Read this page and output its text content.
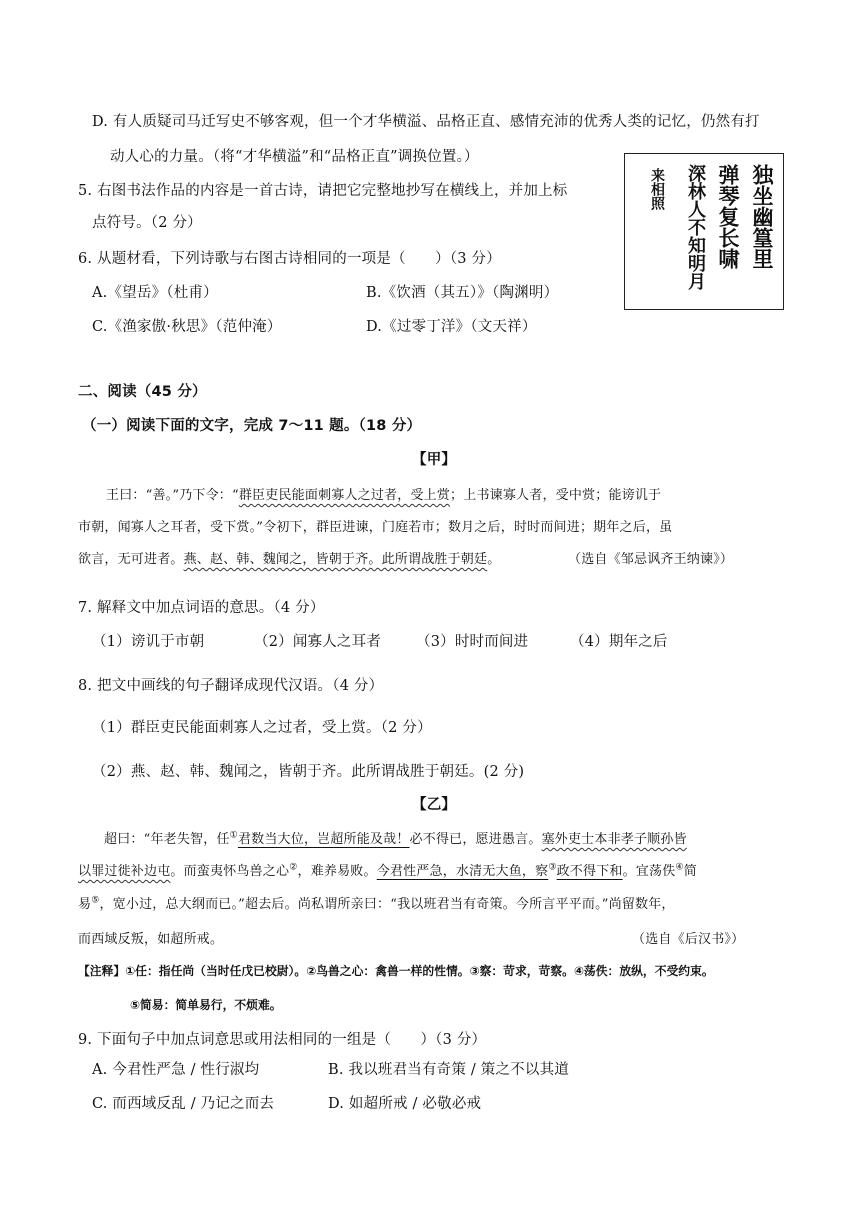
D. 有人质疑司马迁写史不够客观，但一个才华横溢、品格正直、感情充沛的优秀人类的记忆，仍然有打
动人心的力量。（将“才华横溢”和“品格正直”调换位置。）
5. 右图书法作品的内容是一首古诗，请把它完整地抄写在横线上，并加上标
点符号。（2 分）	独坐幽篁里
弹琴复长啸
深林人不知明月
来相照
6. 从题材看，下列诗歌与右图古诗相同的一项是（　　）（3 分）
A.《望岳》（杜甫）	B.《饮酒（其五）》（陶渊明）
C.《渔家傲·秋思》（范仲淹）	D.《过零丁洋》（文天祥）
二、阅读（45 分）
（一）阅读下面的文字，完成 7～11 题。（18 分）
【甲】
王曰：“善。”乃下令：“群臣吏民能面刺寡人之过者，受上赏；上书谏寡人者，受中赏；能谤讥于
市朝，闻寡人之耳者，受下赏。”令初下，群臣进谏，门庭若市；数月之后，时时而间进；期年之后，虽
欲言，无可进者。燕、赵、韩、魏闻之，皆朝于齐。此所谓战胜于朝廷。	（选自《邹忌讽齐王纳谏》）
7. 解释文中加点词语的意思。（4 分）
（1）谤讥于市朝	（2）闻寡人之耳者 （3）时时而间进	（4）期年之后
8. 把文中画线的句子翻译成现代汉语。（4 分）
（1）群臣吏民能面刺寡人之过者，受上赏。（2 分）
（2）燕、赵、韩、魏闻之，皆朝于齐。此所谓战胜于朝廷。(2 分)
【乙】
超曰：“年老失智，任①君数当大位，岂超所能及哉！必不得已，愿进愚言。塞外吏士本非孝子顺孙皆
以罪过徙补边屯。而蛮夷怀鸟兽之心②，难养易败。今君性严急，水清无大鱼，察③政不得下和。宜荡佚④简
易⑤，宽小过，总大纲而已。”超去后。尚私谓所亲曰：“我以班君当有奇策。今所言平平而。”尚留数年，
而西域反叛，如超所戒。	（选自《后汉书》）
【注释】①任：指任尚（当时任戊已校尉）。②鸟兽之心：禽兽一样的性情。③察：苛求，苛察。④荡佚：放纵，不受约束。
⑤简易：简单易行，不烦难。
9. 下面句子中加点词意思或用法相同的一组是（　　）（3 分）
A. 今君性严急 / 性行淑均	B. 我以班君当有奇策 / 策之不以其道
C. 而西域反乱 / 乃记之而去	D. 如超所戒 / 必敬必戒
